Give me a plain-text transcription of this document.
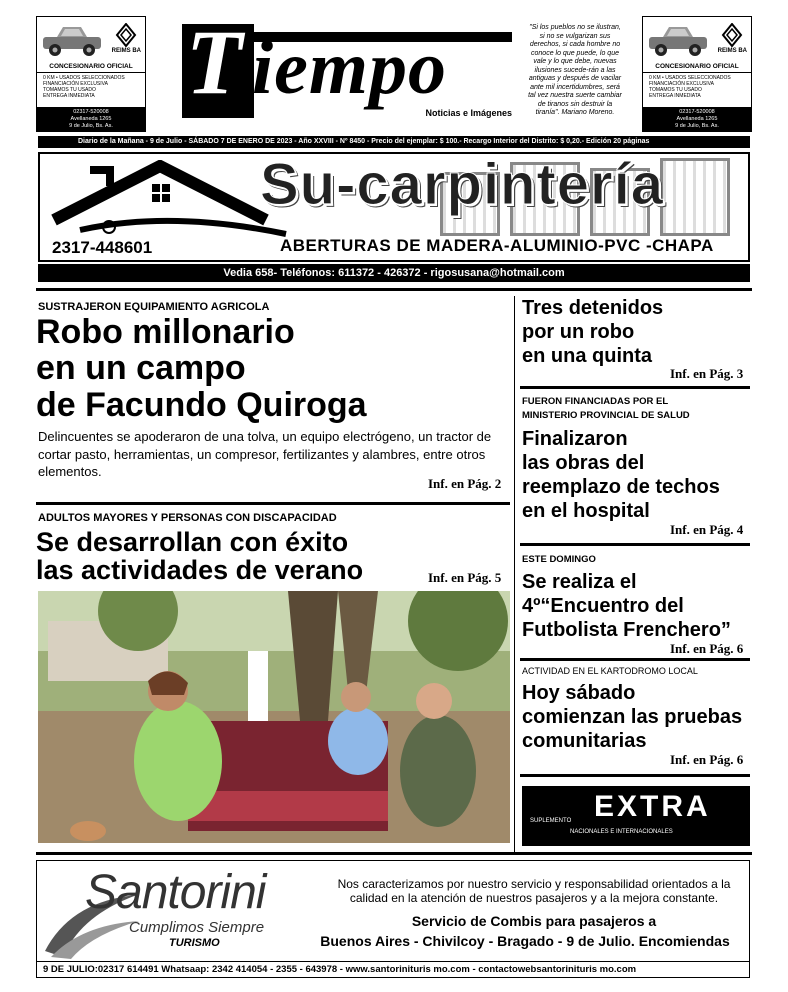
REIMS BA
CONCESIONARIO OFICIAL
0 KM • USADOS SELECCIONADOS
FINANCIACIÓN EXCLUSIVA
TOMAMOS TU USADO
ENTREGA INMEDIATA
02317-520008
Avellaneda 1265
9 de Julio, Bs. As.
REIMS BA
CONCESIONARIO OFICIAL
0 KM • USADOS SELECCIONADOS
FINANCIACIÓN EXCLUSIVA
TOMAMOS TU USADO
ENTREGA INMEDIATA
02317-520008
Avellaneda 1265
9 de Julio, Bs. As.
T iempo
Noticias e Imágenes
"Si los pueblos no se ilustran, si no se vulgarizan sus derechos, si cada hombre no conoce lo que puede, lo que vale y lo que debe, nuevas ilusiones sucede-rán a las antiguas y después de vacilar ante mil incertidumbres, será tal vez nuestra suerte cambiar de tiranos sin destruir la tiranía". Mariano Moreno.
Diario de la Mañana - 9 de Julio - SÁBADO 7 DE ENERO DE 2023 - Año XXVIII - Nº 8450 - Precio del ejemplar: $ 100.- Recargo Interior del Distrito: $ 0,20.- Edición 20 páginas
Su-carpintería
2317-448601	ABERTURAS DE MADERA-ALUMINIO-PVC -CHAPA
Vedia 658- Teléfonos: 611372 - 426372 - rigosusana@hotmail.com
SUSTRAJERON EQUIPAMIENTO AGRICOLA
Robo millonario
en un campo
de Facundo Quiroga
Delincuentes se apoderaron de una tolva, un equipo electrógeno, un tractor de cortar pasto, herramientas, un compresor, fertilizantes y alambres, entre otros elementos.
Inf. en Pág. 2
ADULTOS MAYORES Y PERSONAS CON DISCAPACIDAD
Se desarrollan con éxito
las actividades de verano	Inf. en Pág. 5
Tres detenidos
por un robo
en una quinta
Inf. en Pág. 3
FUERON FINANCIADAS POR EL
MINISTERIO PROVINCIAL DE SALUD
Finalizaron
las obras del
reemplazo de techos
en el hospital
Inf. en Pág. 4
ESTE DOMINGO
Se realiza el
4º“Encuentro del
Futbolista Frenchero”
Inf. en Pág. 6
ACTIVIDAD EN EL KARTODROMO LOCAL
Hoy sábado
comienzan las pruebas
comunitarias
Inf. en Pág. 6
EXTRA
SUPLEMENTO
NACIONALES E INTERNACIONALES
Santorini
Cumplimos Siempre
TURISMO
Nos caracterizamos por nuestro servicio y responsabilidad orientados a la calidad en la atención de nuestros pasajeros y a la mejora constante.
Servicio de Combis para pasajeros a
Buenos Aires - Chivilcoy - Bragado - 9 de Julio. Encomiendas
9 DE JULIO:02317 614491 Whatsaap: 2342 414054 - 2355 - 643978 - www.santorinituris mo.com - contactowebsantorinituris mo.com
